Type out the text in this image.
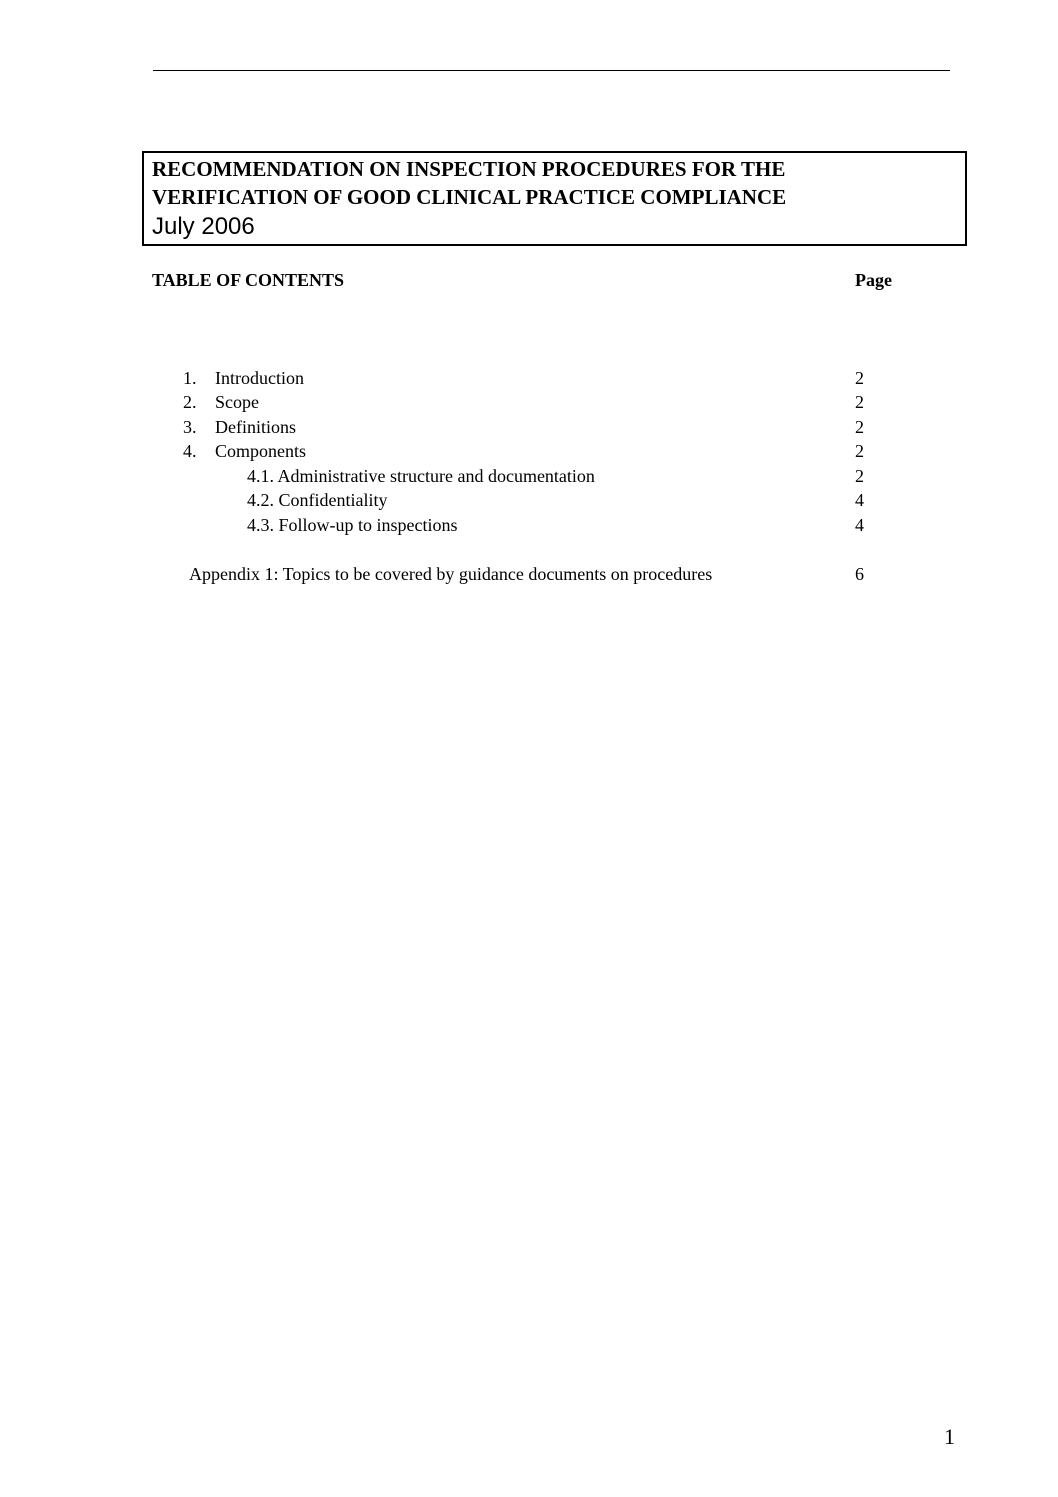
RECOMMENDATION ON INSPECTION PROCEDURES FOR THE
VERIFICATION OF GOOD CLINICAL PRACTICE COMPLIANCE
July 2006
TABLE OF CONTENTS	Page
1. Introduction	2
2. Scope	2
3. Definitions	2
4. Components	2
4.1. Administrative structure and documentation	2
4.2. Confidentiality	4
4.3. Follow-up to inspections	4
Appendix 1: Topics to be covered by guidance documents on procedures	6
1
